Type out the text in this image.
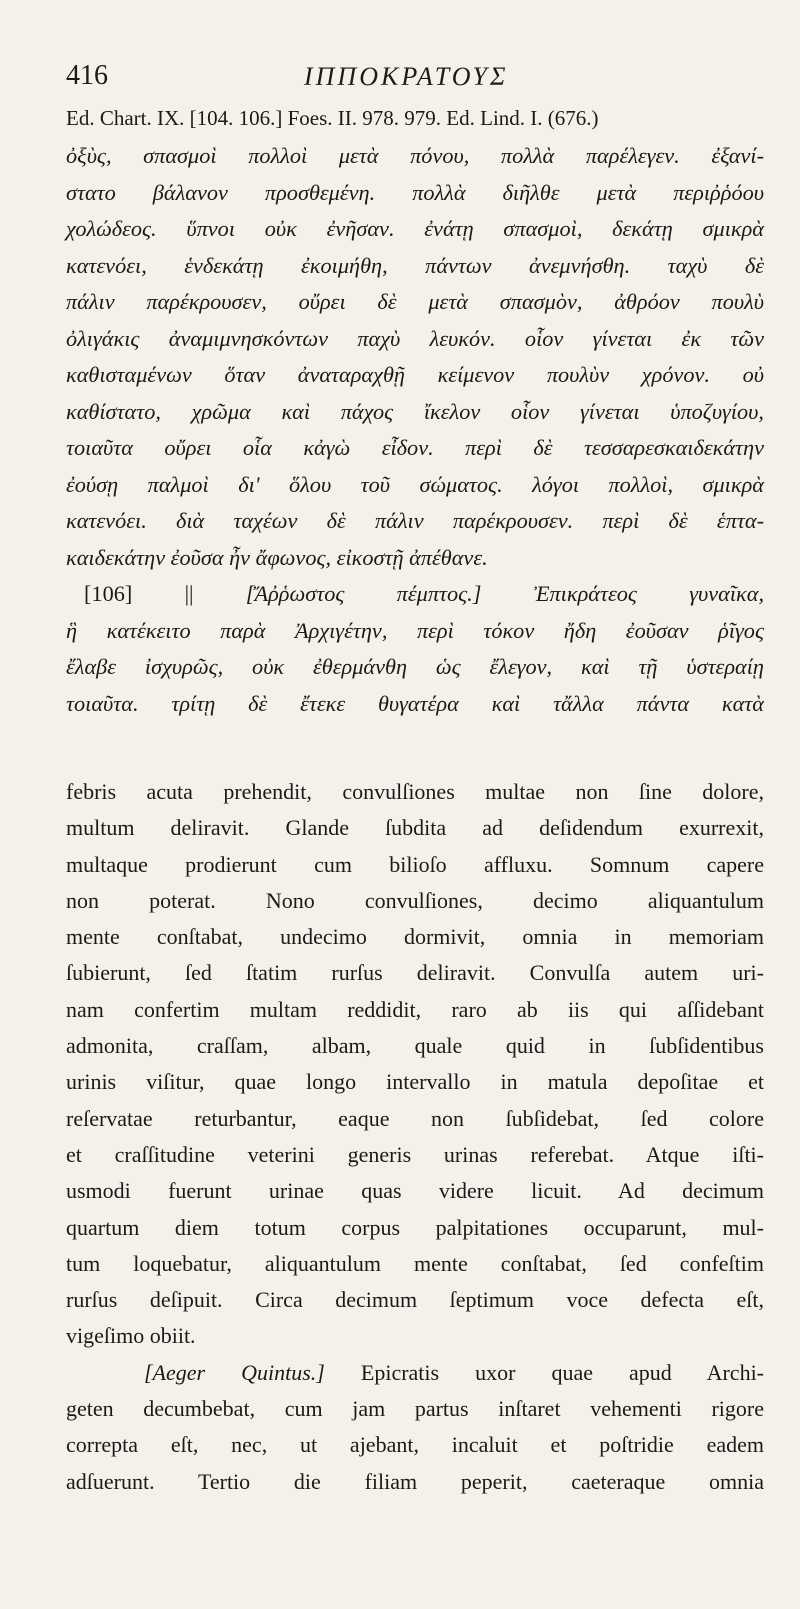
416	ΙΠΠΟΚΡΑΤΟΥΣ
Ed. Chart. IX. [104. 106.] Foes. II. 978. 979. Ed. Lind. I. (676.)
ὀξὺς, σπασμοὶ πολλοὶ μετὰ πόνου, πολλὰ παρέλεγεν. ἐξανί-
στατο βάλανον προσθεμένη. πολλὰ διῆλθε μετὰ περιῤῥόου
χολώδεος. ὕπνοι οὐκ ἐνῆσαν. ἐνάτῃ σπασμοὶ, δεκάτῃ σμικρὰ
κατενόει, ἑνδεκάτῃ ἐκοιμήθη, πάντων ἀνεμνήσθη. ταχὺ δὲ
πάλιν παρέκρουσεν, οὔρει δὲ μετὰ σπασμὸν, ἀθρόον πουλὺ
ὀλιγάκις ἀναμιμνησκόντων παχὺ λευκόν. οἷον γίνεται ἐκ τῶν
καθισταμένων ὅταν ἀναταραχθῇ κείμενον πουλὺν χρόνον. οὐ
καθίστατο, χρῶμα καὶ πάχος ἴκελον οἷον γίνεται ὑποζυγίου,
τοιαῦτα οὔρει οἷα κἀγὼ εἶδον. περὶ δὲ τεσσαρεσκαιδεκάτην
ἐούσῃ παλμοὶ δι' ὅλου τοῦ σώματος. λόγοι πολλοὶ, σμικρὰ
κατενόει. διὰ ταχέων δὲ πάλιν παρέκρουσεν. περὶ δὲ ἑπτα-
καιδεκάτην ἐοῦσα ἦν ἄφωνος, εἰκοστῇ ἀπέθανε.
[106] || [Ἄῤῥωστος πέμπτος.] Ἐπικράτεος γυναῖκα,
ἣ κατέκειτο παρὰ Ἀρχιγέτην, περὶ τόκον ἤδη ἐοῦσαν ῥῖγος
ἔλαβε ἰσχυρῶς, οὐκ ἐθερμάνθη ὡς ἔλεγον, καὶ τῇ ὑστεραίῃ
τοιαῦτα. τρίτῃ δὲ ἔτεκε θυγατέρα καὶ τἄλλα πάντα κατὰ
febris acuta prehendit, convulſiones multae non ſine dolore,
multum deliravit. Glande ſubdita ad deſidendum exurrexit,
multaque prodierunt cum bilioſo affluxu. Somnum capere
non poterat. Nono convulſiones, decimo aliquantulum
mente conſtabat, undecimo dormivit, omnia in memoriam
ſubierunt, ſed ſtatim rurſus deliravit. Convulſa autem uri-
nam confertim multam reddidit, raro ab iis qui aſſidebant
admonita, craſſam, albam, quale quid in ſubſidentibus
urinis viſitur, quae longo intervallo in matula depoſitae et
reſervatae returbantur, eaque non ſubſidebat, ſed colore
et craſſitudine veterini generis urinas referebat. Atque iſti-
usmodi fuerunt urinae quas videre licuit. Ad decimum
quartum diem totum corpus palpitationes occuparunt, mul-
tum loquebatur, aliquantulum mente conſtabat, ſed confeſtim
rurſus deſipuit. Circa decimum ſeptimum voce defecta eſt,
vigeſimo obiit.
[Aeger Quintus.] Epicratis uxor quae apud Archi-
geten decumbebat, cum jam partus inſtaret vehementi rigore
correpta eſt, nec, ut ajebant, incaluit et poſtridie eadem
adſuerunt. Tertio die filiam peperit, caeteraque omnia
